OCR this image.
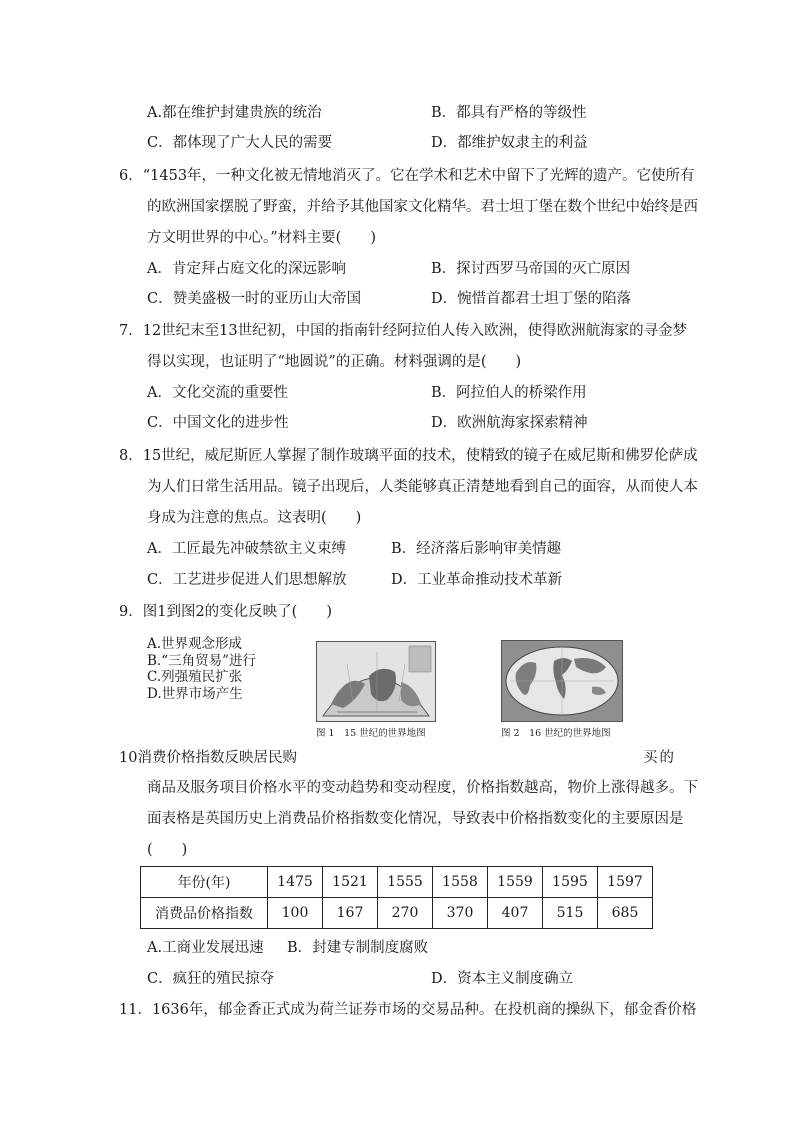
A.都在维护封建贵族的统治	B．都具有严格的等级性
C．都体现了广大人民的需要	D．都维护奴隶主的利益
6．“1453年，一种文化被无情地消灭了。它在学术和艺术中留下了光辉的遗产。它使所有
的欧洲国家摆脱了野蛮，并给予其他国家文化精华。君士坦丁堡在数个世纪中始终是西
方文明世界的中心。”材料主要(　　)
A．肯定拜占庭文化的深远影响	B．探讨西罗马帝国的灭亡原因
C．赞美盛极一时的亚历山大帝国	D．惋惜首都君士坦丁堡的陷落
7．12世纪末至13世纪初，中国的指南针经阿拉伯人传入欧洲，使得欧洲航海家的寻金梦
得以实现，也证明了“地圆说”的正确。材料强调的是(　　)
A．文化交流的重要性	B．阿拉伯人的桥梁作用
C．中国文化的进步性	D．欧洲航海家探索精神
8．15世纪，威尼斯匠人掌握了制作玻璃平面的技术，使精致的镜子在威尼斯和佛罗伦萨成
为人们日常生活用品。镜子出现后，人类能够真正清楚地看到自己的面容，从而使人本
身成为注意的焦点。这表明(　　)
A．工匠最先冲破禁欲主义束缚	B．经济落后影响审美情趣
C．工艺进步促进人们思想解放	D．工业革命推动技术革新
9．图1到图2的变化反映了(　　)
A.世界观念形成
B.“三角贸易”进行
C.列强殖民扩张
D.世界市场产生
图 1　15 世纪的世界地图	图 2　16 世纪的世界地图
10消费价格指数反映居民购	买的
商品及服务项目价格水平的变动趋势和变动程度，价格指数越高，物价上涨得越多。下
面表格是英国历史上消费品价格指数变化情况，导致表中价格指数变化的主要原因是
(　　)
年份(年)	1475	1521	1555	1558	1559	1595	1597
消费品价格指数	100	167	270	370	407	515	685
A.工商业发展迅速 B．封建专制制度腐败
C．疯狂的殖民掠夺	D．资本主义制度确立
11．1636年，郁金香正式成为荷兰证券市场的交易品种。在投机商的操纵下，郁金香价格
